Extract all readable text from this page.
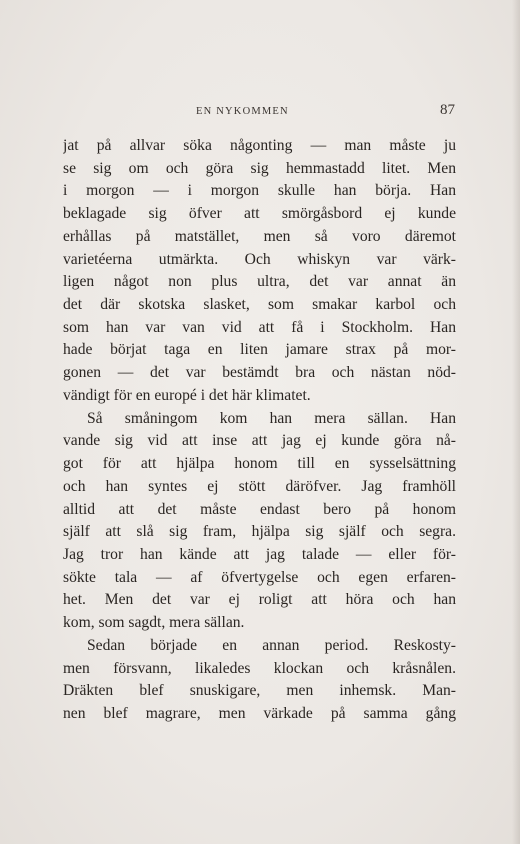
EN NYKOMMEN	87
jat på allvar söka någonting — man måste ju
se sig om och göra sig hemmastadd litet. Men
i morgon — i morgon skulle han börja. Han
beklagade sig öfver att smörgåsbord ej kunde
erhållas på matstället, men så voro däremot
varietéerna utmärkta. Och whiskyn var värk-
ligen något non plus ultra, det var annat än
det där skotska slasket, som smakar karbol och
som han var van vid att få i Stockholm. Han
hade börjat taga en liten jamare strax på mor-
gonen — det var bestämdt bra och nästan nöd-
vändigt för en europé i det här klimatet.
Så småningom kom han mera sällan. Han
vande sig vid att inse att jag ej kunde göra nå-
got för att hjälpa honom till en sysselsättning
och han syntes ej stött däröfver. Jag framhöll
alltid att det måste endast bero på honom
själf att slå sig fram, hjälpa sig själf och segra.
Jag tror han kände att jag talade — eller för-
sökte tala — af öfvertygelse och egen erfaren-
het. Men det var ej roligt att höra och han
kom, som sagdt, mera sällan.
Sedan började en annan period. Reskosty-
men försvann, likaledes klockan och kråsnålen.
Dräkten blef snuskigare, men inhemsk. Man-
nen blef magrare, men värkade på samma gång
